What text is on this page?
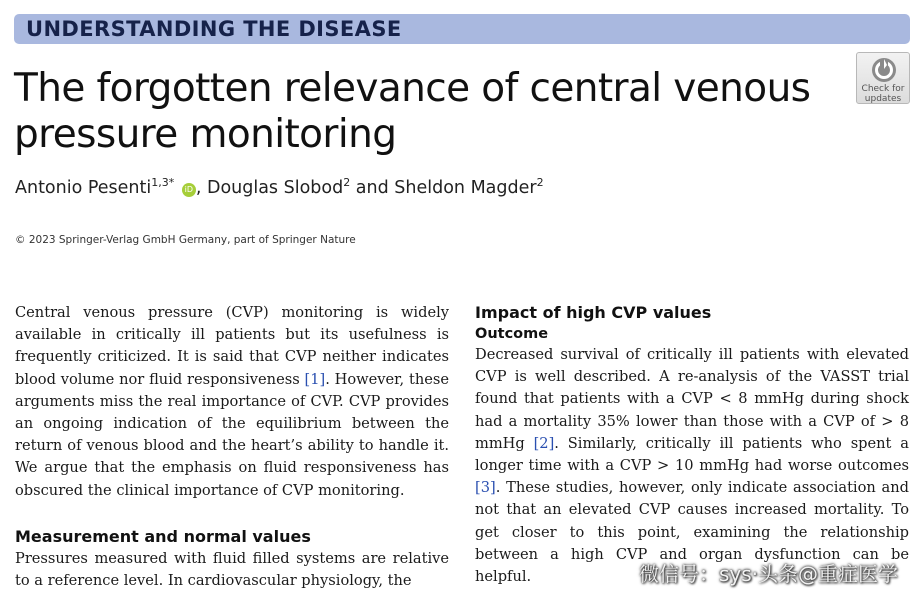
UNDERSTANDING THE DISEASE
Check for
updates
The forgotten relevance of central venous pressure monitoring
Antonio Pesenti$^{1,3*}$ iD , Douglas Slobod$^2$ and Sheldon Magder$^2$
© 2023 Springer-Verlag GmbH Germany, part of Springer Nature

Central venous pressure (CVP) monitoring is widely available in critically ill patients but its usefulness is frequently criticized. It is said that CVP neither indicates blood volume nor fluid responsiveness [1]. However, these arguments miss the real importance of CVP. CVP provides an ongoing indication of the equilibrium between the return of venous blood and the heart’s ability to handle it. We argue that the emphasis on fluid responsiveness has obscured the clinical importance of CVP monitoring.

Measurement and normal values

Pressures measured with fluid filled systems are relative to a reference level. In cardiovascular physiology, the

Impact of high CVP values
Outcome

Decreased survival of critically ill patients with elevated CVP is well described. A re-analysis of the VASST trial found that patients with a CVP < 8 mmHg during shock had a mortality 35% lower than those with a CVP of > 8 mmHg [2]. Similarly, critically ill patients who spent a longer time with a CVP > 10 mmHg had worse outcomes [3]. These studies, however, only indicate association and not that an elevated CVP causes increased mortality. To get closer to this point, examining the relationship between a high CVP and organ dysfunction can be helpful.	微信号：sys·头条@重症医学
